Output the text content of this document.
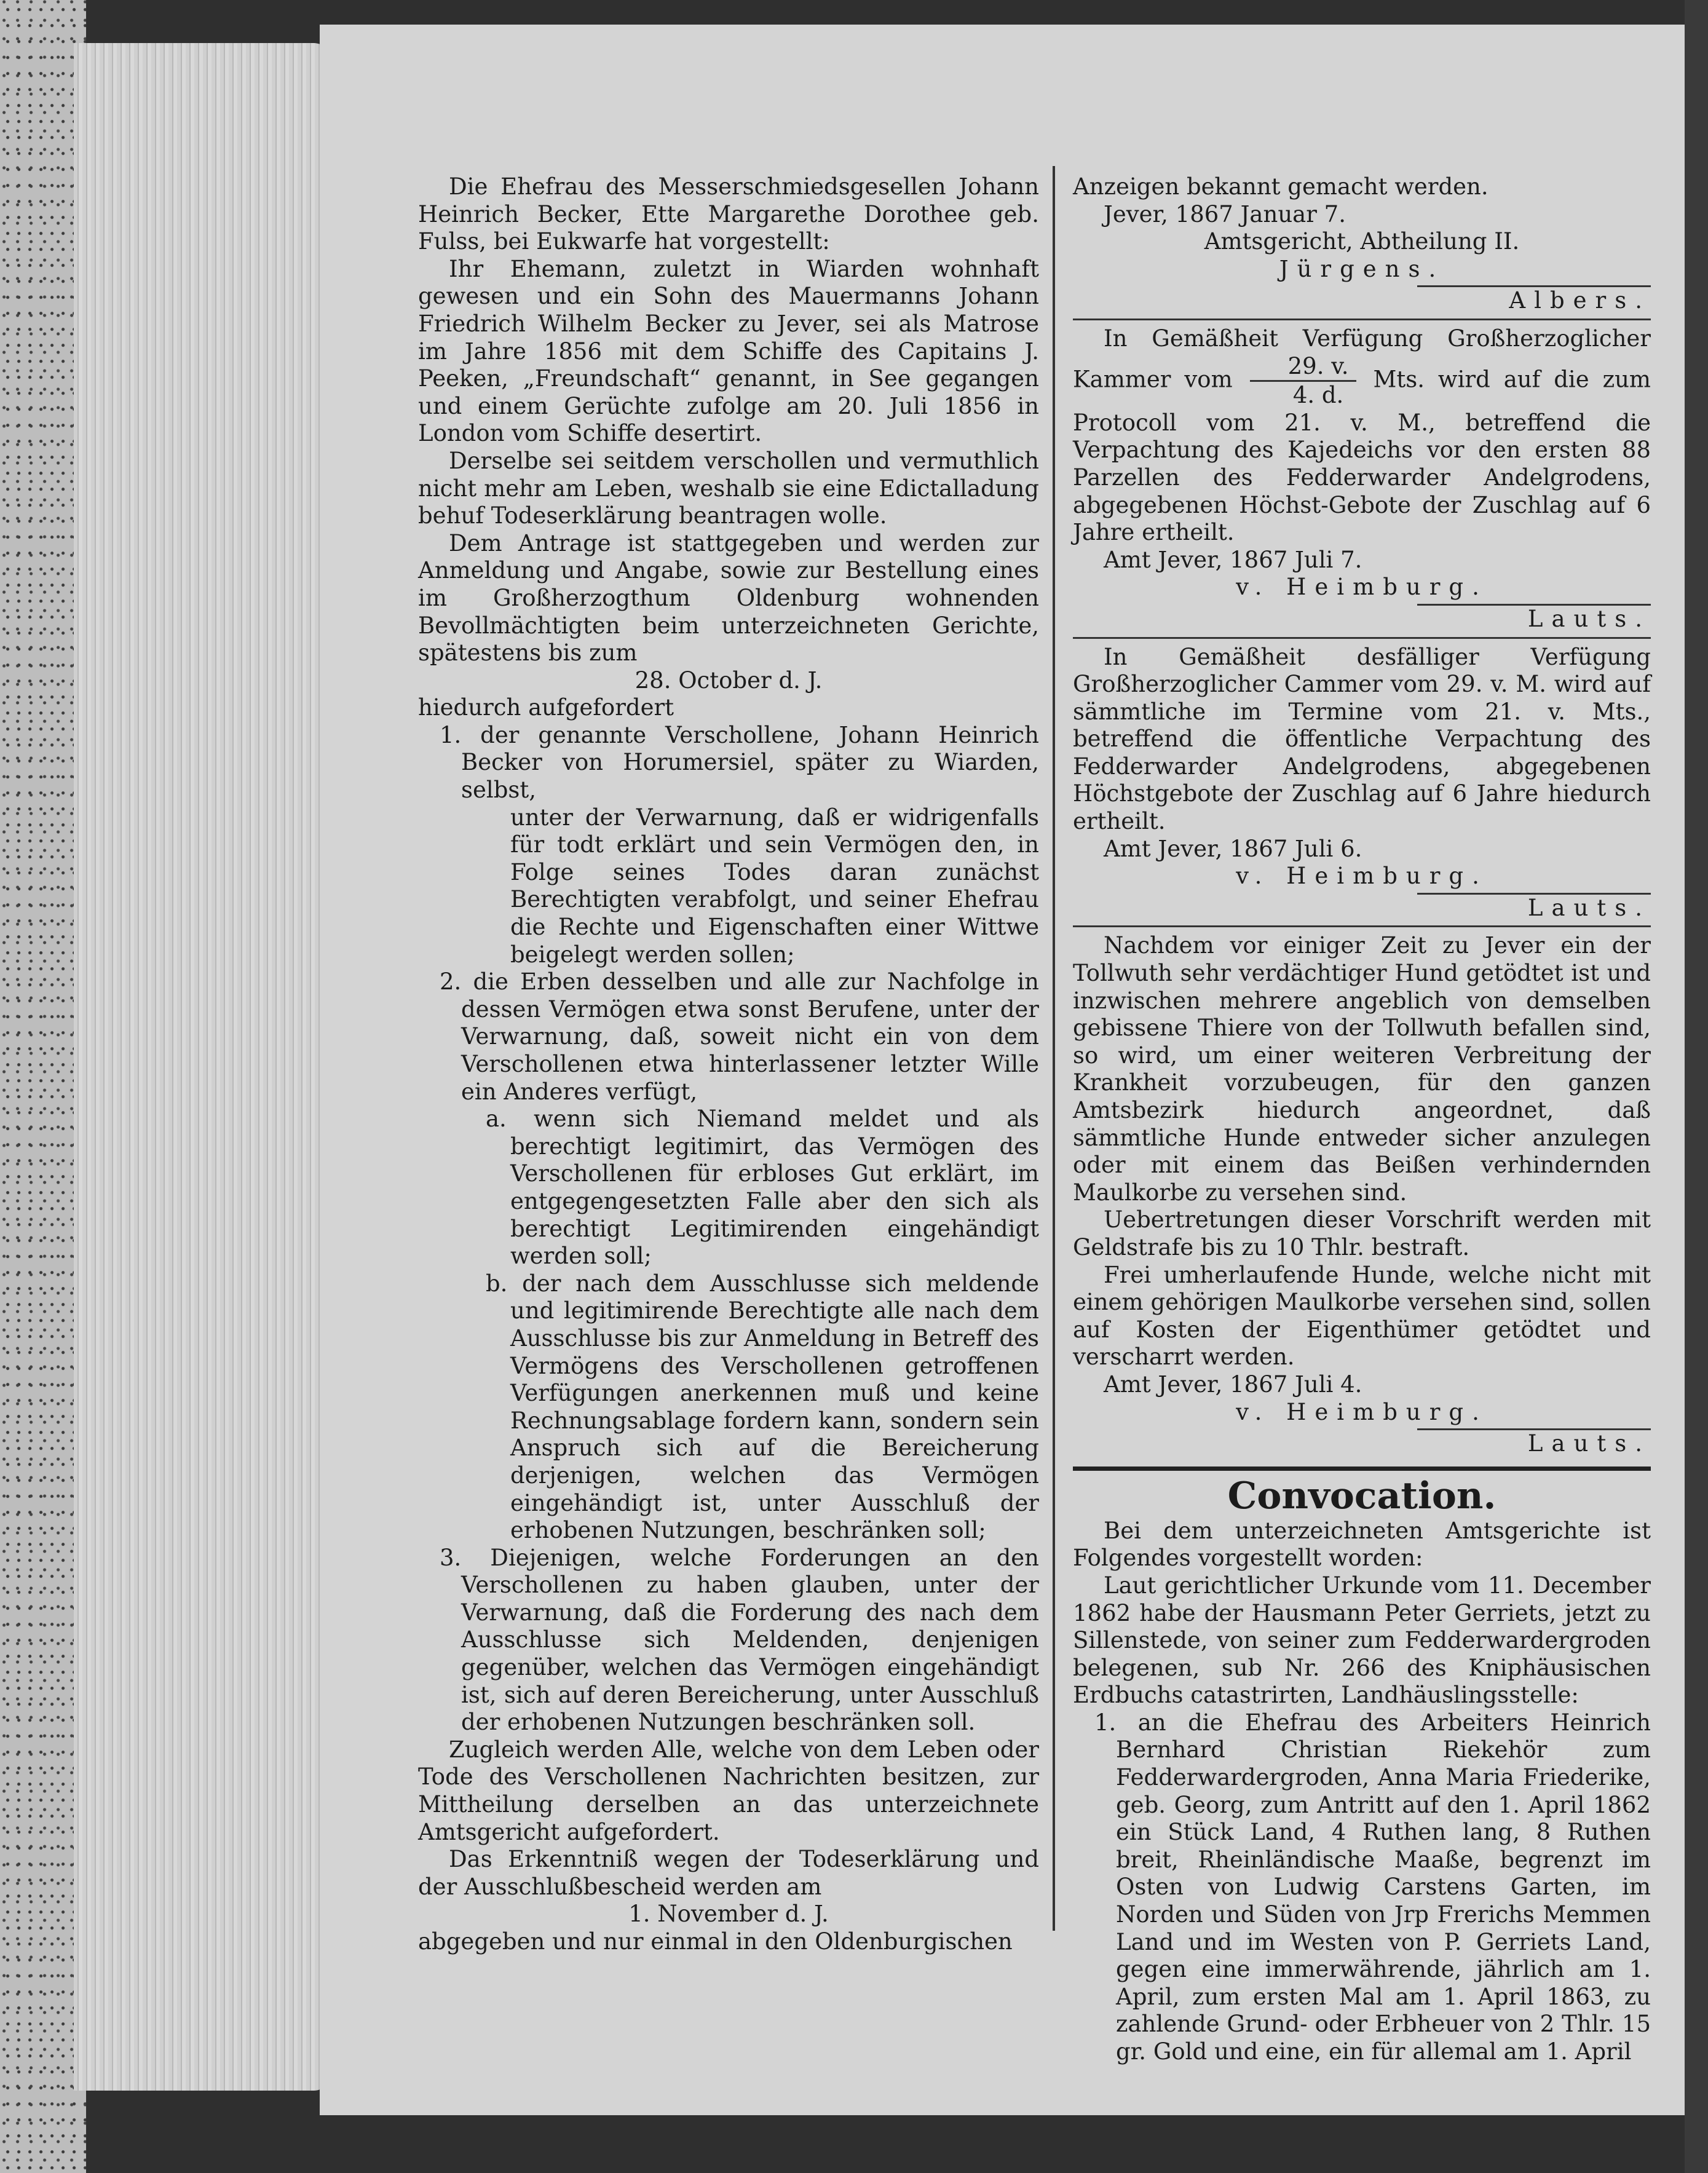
Die Ehefrau des Messerschmiedsgesellen Johann Heinrich Becker, Ette Margarethe Dorothee geb. Fulss, bei Eukwarfe hat vorgestellt:

Ihr Ehemann, zuletzt in Wiarden wohnhaft gewesen und ein Sohn des Mauermanns Johann Friedrich Wilhelm Becker zu Jever, sei als Matrose im Jahre 1856 mit dem Schiffe des Capitains J. Peeken, „Freundschaft“ genannt, in See gegangen und einem Gerüchte zufolge am 20. Juli 1856 in London vom Schiffe desertirt.

Derselbe sei seitdem verschollen und vermuthlich nicht mehr am Leben, weshalb sie eine Edictalladung behuf Todeserklärung beantragen wolle.

Dem Antrage ist stattgegeben und werden zur Anmeldung und Angabe, sowie zur Bestellung eines im Großherzogthum Oldenburg wohnenden Bevollmächtigten beim unterzeichneten Gerichte, spätestens bis zum

28. October d. J.

hiedurch aufgefordert

1. der genannte Verschollene, Johann Heinrich Becker von Horumersiel, später zu Wiarden, selbst,

unter der Verwarnung, daß er widrigenfalls für todt erklärt und sein Vermögen den, in Folge seines Todes daran zunächst Berechtigten verabfolgt, und seiner Ehefrau die Rechte und Eigenschaften einer Wittwe beigelegt werden sollen;

2. die Erben desselben und alle zur Nachfolge in dessen Vermögen etwa sonst Berufene, unter der Verwarnung, daß, soweit nicht ein von dem Verschollenen etwa hinterlassener letzter Wille ein Anderes verfügt,

a. wenn sich Niemand meldet und als berechtigt legitimirt, das Vermögen des Verschollenen für erbloses Gut erklärt, im entgegengesetzten Falle aber den sich als berechtigt Legitimirenden eingehändigt werden soll;

b. der nach dem Ausschlusse sich meldende und legitimirende Berechtigte alle nach dem Ausschlusse bis zur Anmeldung in Betreff des Vermögens des Verschollenen getroffenen Verfügungen anerkennen muß und keine Rechnungsablage fordern kann, sondern sein Anspruch sich auf die Bereicherung derjenigen, welchen das Vermögen eingehändigt ist, unter Ausschluß der erhobenen Nutzungen, beschränken soll;

3. Diejenigen, welche Forderungen an den Verschollenen zu haben glauben, unter der Verwarnung, daß die Forderung des nach dem Ausschlusse sich Meldenden, denjenigen gegenüber, welchen das Vermögen eingehändigt ist, sich auf deren Bereicherung, unter Ausschluß der erhobenen Nutzungen beschränken soll.

Zugleich werden Alle, welche von dem Leben oder Tode des Verschollenen Nachrichten besitzen, zur Mittheilung derselben an das unterzeichnete Amtsgericht aufgefordert.

Das Erkenntniß wegen der Todeserklärung und der Ausschlußbescheid werden am

1. November d. J.

abgegeben und nur einmal in den Oldenburgischen

Anzeigen bekannt gemacht werden.

Jever, 1867 Januar 7.

Amtsgericht, Abtheilung II.

Jürgens.

Albers.

In Gemäßheit Verfügung Großherzoglicher Kammer vom $\frac{29. v.}{4. d.}$ Mts. wird auf die zum Protocoll vom 21. v. M., betreffend die Verpachtung des Kajedeichs vor den ersten 88 Parzellen des Fedderwarder Andelgrodens, abgegebenen Höchst-Gebote der Zuschlag auf 6 Jahre ertheilt.

Amt Jever, 1867 Juli 7.

v. Heimburg.

Lauts.

In Gemäßheit desfälliger Verfügung Großherzoglicher Cammer vom 29. v. M. wird auf sämmtliche im Termine vom 21. v. Mts., betreffend die öffentliche Verpachtung des Fedderwarder Andelgrodens, abgegebenen Höchstgebote der Zuschlag auf 6 Jahre hiedurch ertheilt.

Amt Jever, 1867 Juli 6.

v. Heimburg.

Lauts.

Nachdem vor einiger Zeit zu Jever ein der Tollwuth sehr verdächtiger Hund getödtet ist und inzwischen mehrere angeblich von demselben gebissene Thiere von der Tollwuth befallen sind, so wird, um einer weiteren Verbreitung der Krankheit vorzubeugen, für den ganzen Amtsbezirk hiedurch angeordnet, daß sämmtliche Hunde entweder sicher anzulegen oder mit einem das Beißen verhindernden Maulkorbe zu versehen sind.

Uebertretungen dieser Vorschrift werden mit Geldstrafe bis zu 10 Thlr. bestraft.

Frei umherlaufende Hunde, welche nicht mit einem gehörigen Maulkorbe versehen sind, sollen auf Kosten der Eigenthümer getödtet und verscharrt werden.

Amt Jever, 1867 Juli 4.

v. Heimburg.

Lauts.

Convocation.

Bei dem unterzeichneten Amtsgerichte ist Folgendes vorgestellt worden:

Laut gerichtlicher Urkunde vom 11. December 1862 habe der Hausmann Peter Gerriets, jetzt zu Sillenstede, von seiner zum Fedderwardergroden belegenen, sub Nr. 266 des Kniphäusischen Erdbuchs catastrirten, Landhäuslingsstelle:

1. an die Ehefrau des Arbeiters Heinrich Bernhard Christian Riekehör zum Fedderwardergroden, Anna Maria Friederike, geb. Georg, zum Antritt auf den 1. April 1862 ein Stück Land, 4 Ruthen lang, 8 Ruthen breit, Rheinländische Maaße, begrenzt im Osten von Ludwig Carstens Garten, im Norden und Süden von Jrp Frerichs Memmen Land und im Westen von P. Gerriets Land, gegen eine immerwährende, jährlich am 1. April, zum ersten Mal am 1. April 1863, zu zahlende Grund- oder Erbheuer von 2 Thlr. 15 gr. Gold und eine, ein für allemal am 1. April
